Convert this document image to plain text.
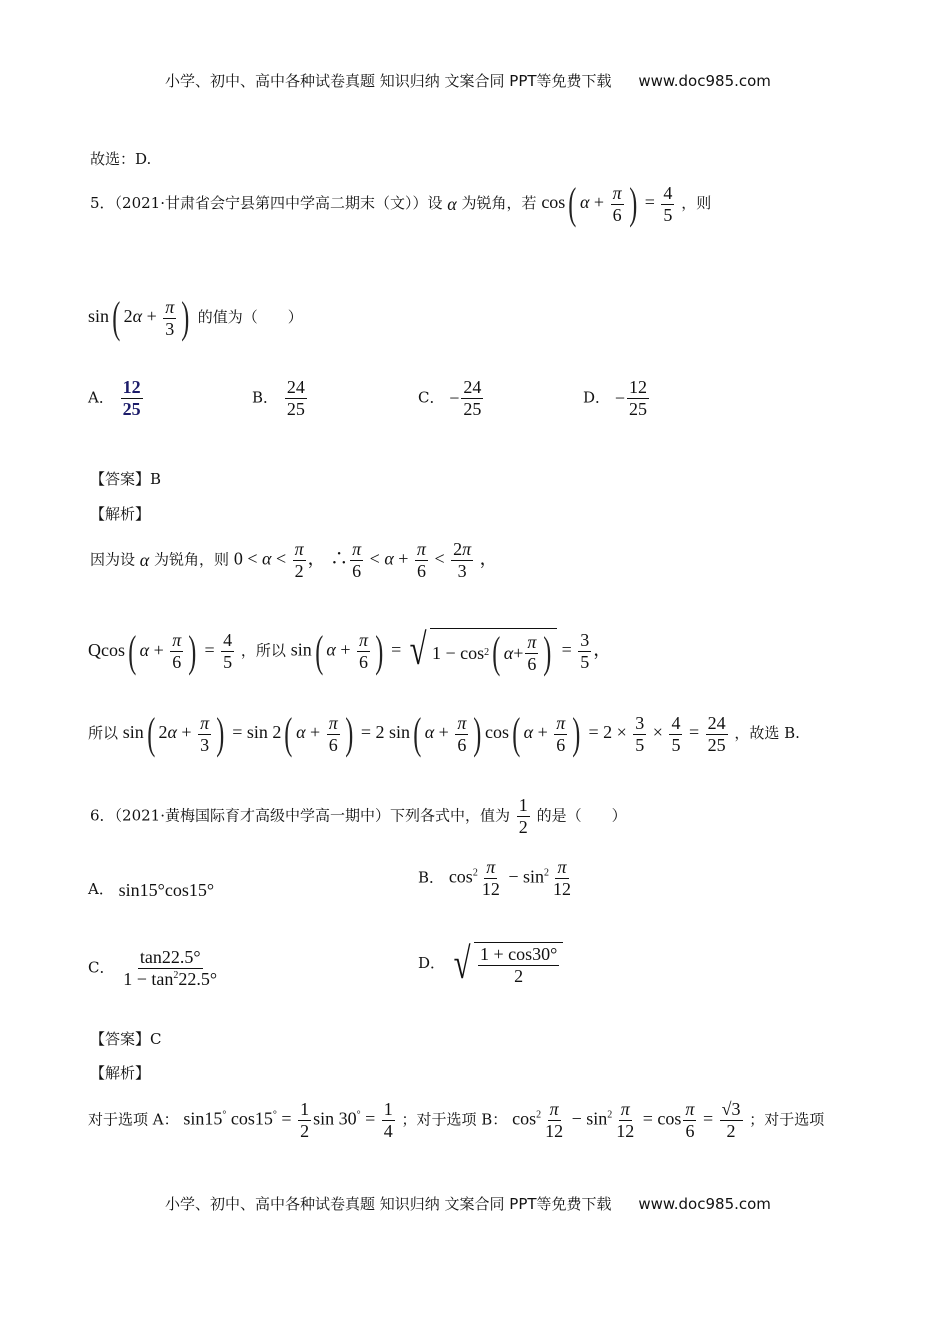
小学、初中、高中各种试卷真题 知识归纳 文案合同 PPT等免费下载 www.doc985.com
故选：D.
5．（2021·甘肃省会宁县第四中学高二期末（文））设 α 为锐角，若 cos( $\alpha + \frac{\pi}{6}$ ) = $\frac{4}{5}$ ，则
sin( $2\alpha + \frac{\pi}{3}$ ) 的值为（　　）
A． $\frac{12}{25}$	B． $\frac{24}{25}$	C． − $\frac{24}{25}$	D． − $\frac{12}{25}$
【答案】B
【解析】
因为设 α 为锐角，则 $0 < \alpha < \frac{\pi}{2}$ ， ∴ $\frac{\pi}{6} < \alpha + \frac{\pi}{6} < \frac{2\pi}{3}$ ，
Qcos( $\alpha + \frac{\pi}{6}$ ) = $\frac{4}{5}$ ，所以 sin( $\alpha + \frac{\pi}{6}$ ) = √ 1 − cos 2 ( $\alpha + \frac{\pi}{6}$ ) = $\frac{3}{5}$ ，
所以 sin( $2\alpha + \frac{\pi}{3}$ ) = sin 2( $\alpha + \frac{\pi}{6}$ ) = 2 sin( $\alpha + \frac{\pi}{6}$ ) cos( $\alpha + \frac{\pi}{6}$ ) = $2 \times \frac{3}{5} \times \frac{4}{5} = \frac{24}{25}$ ，故选 B.
6．（2021·黄梅国际育才高级中学高一期中）下列各式中，值为 $\frac{1}{2}$ 的是（　　）
A． sin15°cos15°
B． $\cos^2 \frac{\pi}{12} - \sin^2 \frac{\pi}{12}$
C． $\frac{\tan 22.5^\circ}{1 - \tan^222.5^\circ}$	D． √ $\frac{1 + \cos 30^\circ}{2}$
【答案】C
【解析】
对于选项 A： sin15° $\cos 15^\circ = \frac{1}{2}$ $\sin 30^\circ = \frac{1}{4}$ ；对于选项 B： $\cos^2 \frac{\pi}{12} - \sin^2 \frac{\pi}{12} = \cos \frac{\pi}{6} = \frac{√3}{2}$ ；对于选项
小学、初中、高中各种试卷真题 知识归纳 文案合同 PPT等免费下载 www.doc985.com
